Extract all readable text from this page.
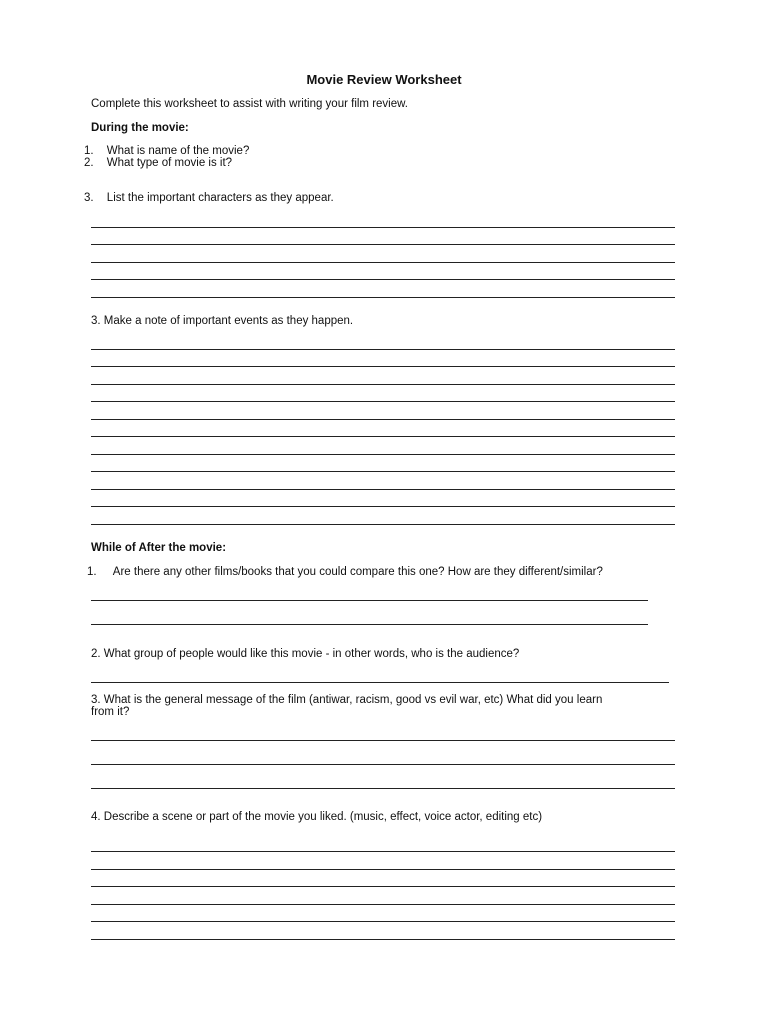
Movie Review Worksheet
Complete this worksheet to assist with writing your film review.
During the movie:
1. What is name of the movie?
2. What type of movie is it?
3. List the important characters as they appear.
3. Make a note of important events as they happen.
While of After the movie:
1. Are there any other films/books that you could compare this one? How are they different/similar?
2. What group of people would like this movie - in other words, who is the audience?
3. What is the general message of the film (antiwar, racism, good vs evil war, etc) What did you learn
from it?
4. Describe a scene or part of the movie you liked. (music, effect, voice actor, editing etc)
